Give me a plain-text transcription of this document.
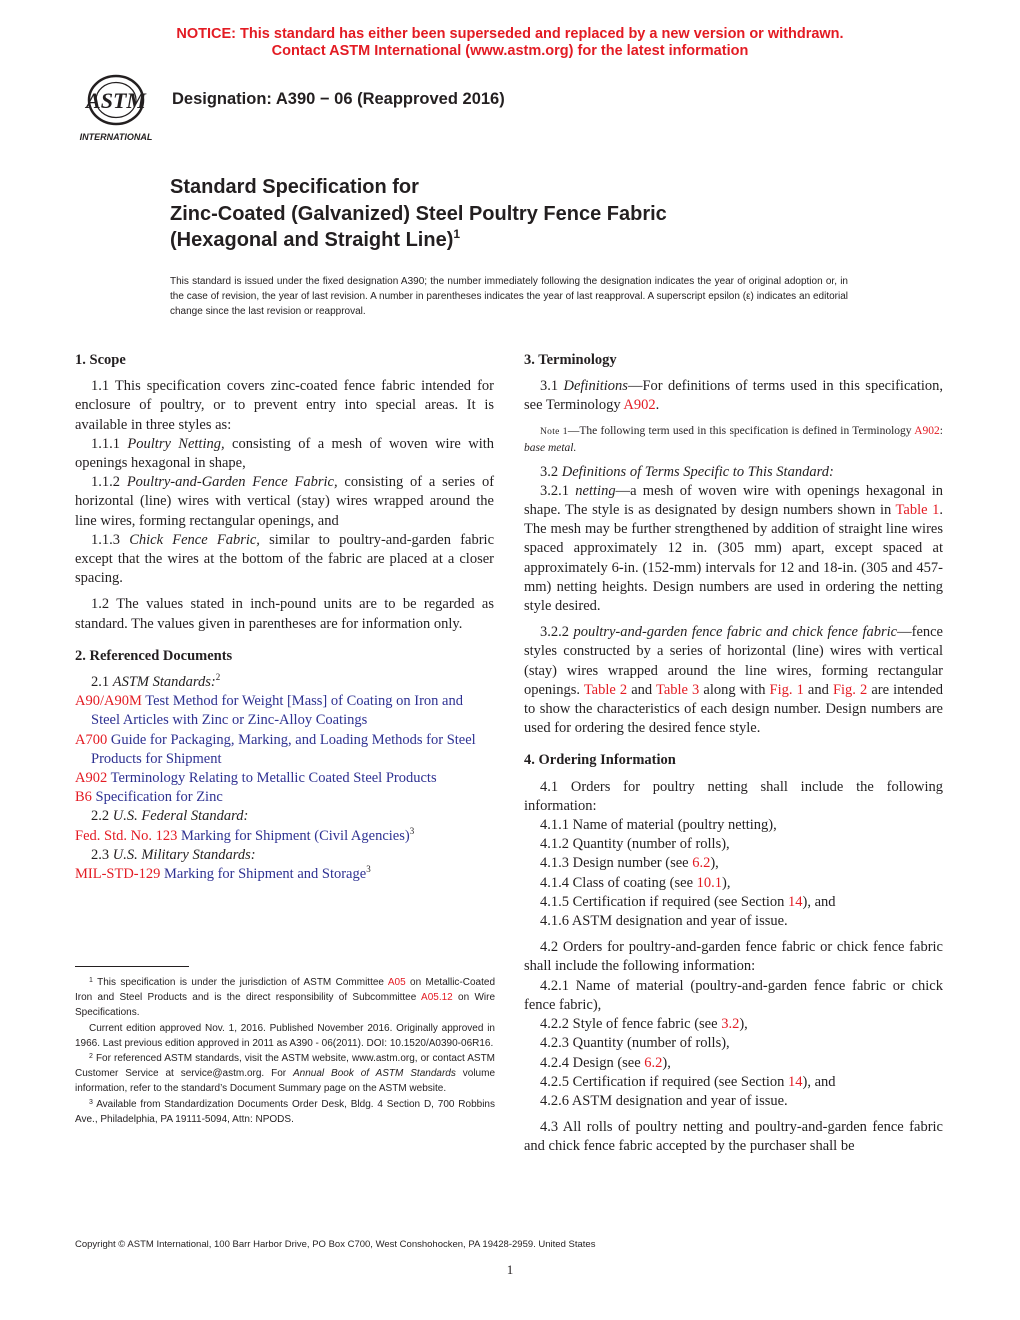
NOTICE: This standard has either been superseded and replaced by a new version or withdrawn.
Contact ASTM International (www.astm.org) for the latest information
ASTM
INTERNATIONAL
Designation: A390 − 06 (Reapproved 2016)
Standard Specification for
Zinc-Coated (Galvanized) Steel Poultry Fence Fabric
(Hexagonal and Straight Line)$^1$
This standard is issued under the fixed designation A390; the number immediately following the designation indicates the year of original adoption or, in the case of revision, the year of last revision. A number in parentheses indicates the year of last reapproval. A superscript epsilon (ε) indicates an editorial change since the last revision or reapproval.
1. Scope

1.1 This specification covers zinc-coated fence fabric intended for enclosure of poultry, or to prevent entry into special areas. It is available in three styles as:

1.1.1 Poultry Netting, consisting of a mesh of woven wire with openings hexagonal in shape,

1.1.2 Poultry-and-Garden Fence Fabric, consisting of a series of horizontal (line) wires with vertical (stay) wires wrapped around the line wires, forming rectangular openings, and

1.1.3 Chick Fence Fabric, similar to poultry-and-garden fabric except that the wires at the bottom of the fabric are placed at a closer spacing.

1.2 The values stated in inch-pound units are to be regarded as standard. The values given in parentheses are for information only.

2. Referenced Documents

2.1 ASTM Standards:$^2$

A90/A90M Test Method for Weight [Mass] of Coating on Iron and Steel Articles with Zinc or Zinc-Alloy Coatings
A700 Guide for Packaging, Marking, and Loading Methods for Steel Products for Shipment
A902 Terminology Relating to Metallic Coated Steel Products
B6 Specification for Zinc

2.2 U.S. Federal Standard:

Fed. Std. No. 123 Marking for Shipment (Civil Agencies)$^3$

2.3 U.S. Military Standards:

MIL-STD-129 Marking for Shipment and Storage$^3$

$^1$ This specification is under the jurisdiction of ASTM Committee A05 on Metallic-Coated Iron and Steel Products and is the direct responsibility of Subcommittee A05.12 on Wire Specifications.

Current edition approved Nov. 1, 2016. Published November 2016. Originally approved in 1966. Last previous edition approved in 2011 as A390 - 06(2011). DOI: 10.1520/A0390-06R16.

$^2$ For referenced ASTM standards, visit the ASTM website, www.astm.org, or contact ASTM Customer Service at service@astm.org. For Annual Book of ASTM Standards volume information, refer to the standard’s Document Summary page on the ASTM website.

$^3$ Available from Standardization Documents Order Desk, Bldg. 4 Section D, 700 Robbins Ave., Philadelphia, PA 19111-5094, Attn: NPODS.

3. Terminology

3.1 Definitions—For definitions of terms used in this specification, see Terminology A902.

Note 1—The following term used in this specification is defined in Terminology A902: base metal.

3.2 Definitions of Terms Specific to This Standard:

3.2.1 netting—a mesh of woven wire with openings hexagonal in shape. The style is as designated by design numbers shown in Table 1. The mesh may be further strengthened by addition of straight line wires spaced approximately 12 in. (305 mm) apart, except spaced at approximately 6-in. (152-mm) intervals for 12 and 18-in. (305 and 457-mm) netting heights. Design numbers are used in ordering the netting style desired.

3.2.2 poultry-and-garden fence fabric and chick fence fabric—fence styles constructed by a series of horizontal (line) wires with vertical (stay) wires wrapped around the line wires, forming rectangular openings. Table 2 and Table 3 along with Fig. 1 and Fig. 2 are intended to show the characteristics of each design number. Design numbers are used for ordering the desired fence style.

4. Ordering Information

4.1 Orders for poultry netting shall include the following information:

4.1.1 Name of material (poultry netting),

4.1.2 Quantity (number of rolls),

4.1.3 Design number (see 6.2),

4.1.4 Class of coating (see 10.1),

4.1.5 Certification if required (see Section 14), and

4.1.6 ASTM designation and year of issue.

4.2 Orders for poultry-and-garden fence fabric or chick fence fabric shall include the following information:

4.2.1 Name of material (poultry-and-garden fence fabric or chick fence fabric),

4.2.2 Style of fence fabric (see 3.2),

4.2.3 Quantity (number of rolls),

4.2.4 Design (see 6.2),

4.2.5 Certification if required (see Section 14), and

4.2.6 ASTM designation and year of issue.

4.3 All rolls of poultry netting and poultry-and-garden fence fabric and chick fence fabric accepted by the purchaser shall be

Copyright © ASTM International, 100 Barr Harbor Drive, PO Box C700, West Conshohocken, PA 19428-2959. United States
1
